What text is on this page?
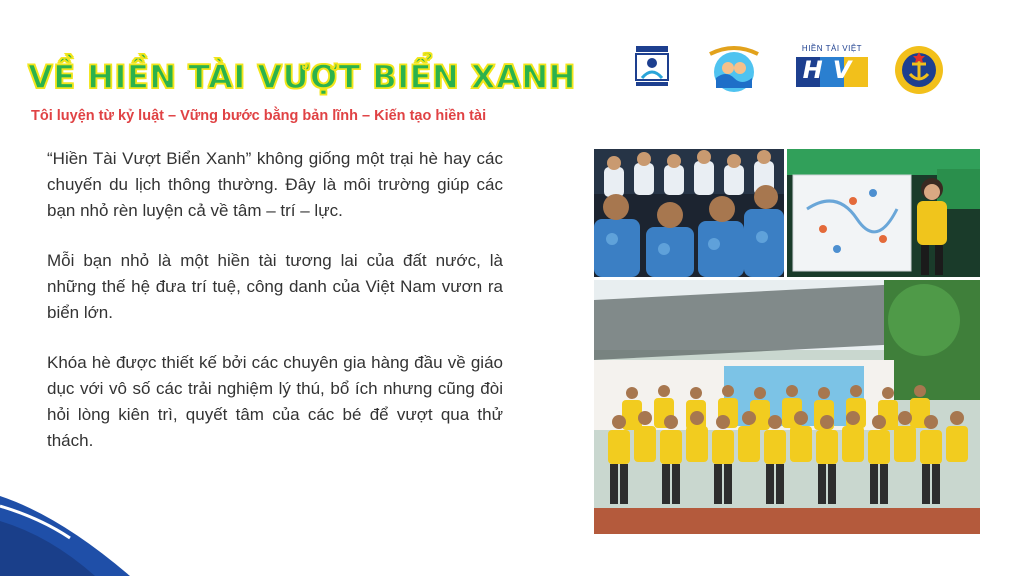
VỀ HIỀN TÀI VƯỢT BIỂN XANH

Tôi luyện từ kỷ luật – Vững bước bằng bản lĩnh – Kiến tạo hiền tài

HIỀN TÀI VIỆT
HV

“Hiền Tài Vượt Biển Xanh” không giống một trại hè hay các chuyến du lịch thông thường. Đây là môi trường giúp các bạn nhỏ rèn luyện cả về tâm – trí – lực.

Mỗi bạn nhỏ là một hiền tài tương lai của đất nước, là những thế hệ đưa trí tuệ, công danh của Việt Nam vươn ra biển lớn.

Khóa hè được thiết kế bởi các chuyên gia hàng đầu về giáo dục với vô số các trải nghiệm lý thú, bổ ích nhưng cũng đòi hỏi lòng kiên trì, quyết tâm của các bé để vượt qua thử thách.
